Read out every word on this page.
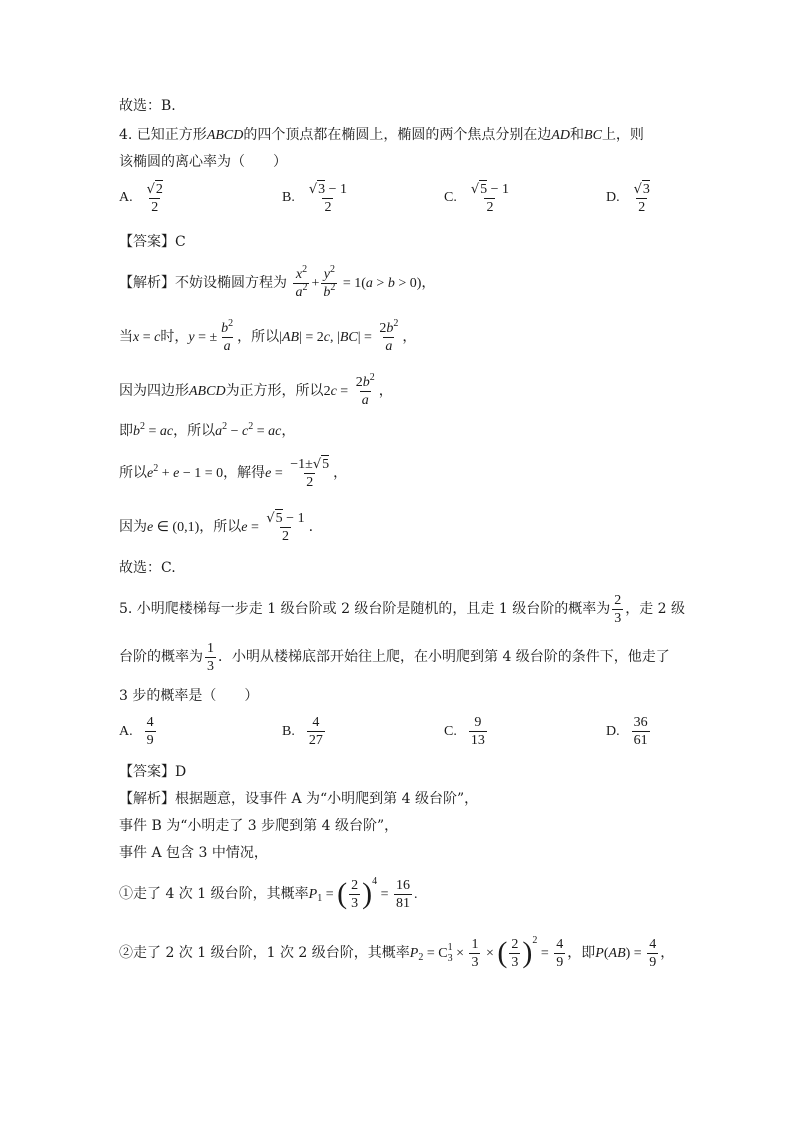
故选：B.
4. 已知正方形ABCD的四个顶点都在椭圆上，椭圆的两个焦点分别在边AD和BC上，则
该椭圆的离心率为（　　）
A. $\frac{√2}{2}$	B. $\frac{√3 - 1}{2}$	C. $\frac{√5 - 1}{2}$	D. $\frac{√3}{2}$
【答案】C
【解析】不妨设椭圆方程为 $\frac{x^2}{a^2} + \frac{y^2}{b^2} = 1(a > b > 0)$，
当x = c时，y = ± $\frac{b^2}{a}$ ，所以|AB| = 2c, $|BC| = \frac{2b^2}{a}$ ，
因为四边形ABCD为正方形，所以$2c = \frac{2b^2}{a}$ ，
即$b^2$ = ac，所以$a^2 - c^2$ = ac，
所以$e^2 + e - 1 = 0$，解得$e = \frac{-1\pm√5}{2}$ ，
因为e ∈ (0,1)，所以$e = \frac{√5 - 1}{2}$ .
故选：C.
5. 小明爬楼梯每一步走 1 级台阶或 2 级台阶是随机的，且走 1 级台阶的概率为 $\frac{2}{3}$ ，走 2 级
台阶的概率为 $\frac{1}{3}$ ．小明从楼梯底部开始往上爬，在小明爬到第 4 级台阶的条件下，他走了
3 步的概率是（　　）
A. $\frac{4}{9}$	B. $\frac{4}{27}$	C. $\frac{9}{13}$	D. $\frac{36}{61}$
【答案】D
【解析】根据题意，设事件 A 为“小明爬到第 4 级台阶”，
事件 B 为“小明走了 3 步爬到第 4 级台阶”，
事件 A 包含 3 中情况，
①走了 4 次 1 级台阶，其概率$P_1$ = ( $\frac{2}{3} )^4 = \frac{16}{81}$ .
②走了 2 次 1 级台阶，1 次 2 级台阶，其概率$P_2 = C$ 1
$3 \times \frac{1}{3}$ × ( $\frac{2}{3} )^2 = \frac{4}{9}$ ，即$P(AB) = \frac{4}{9}$ ，
